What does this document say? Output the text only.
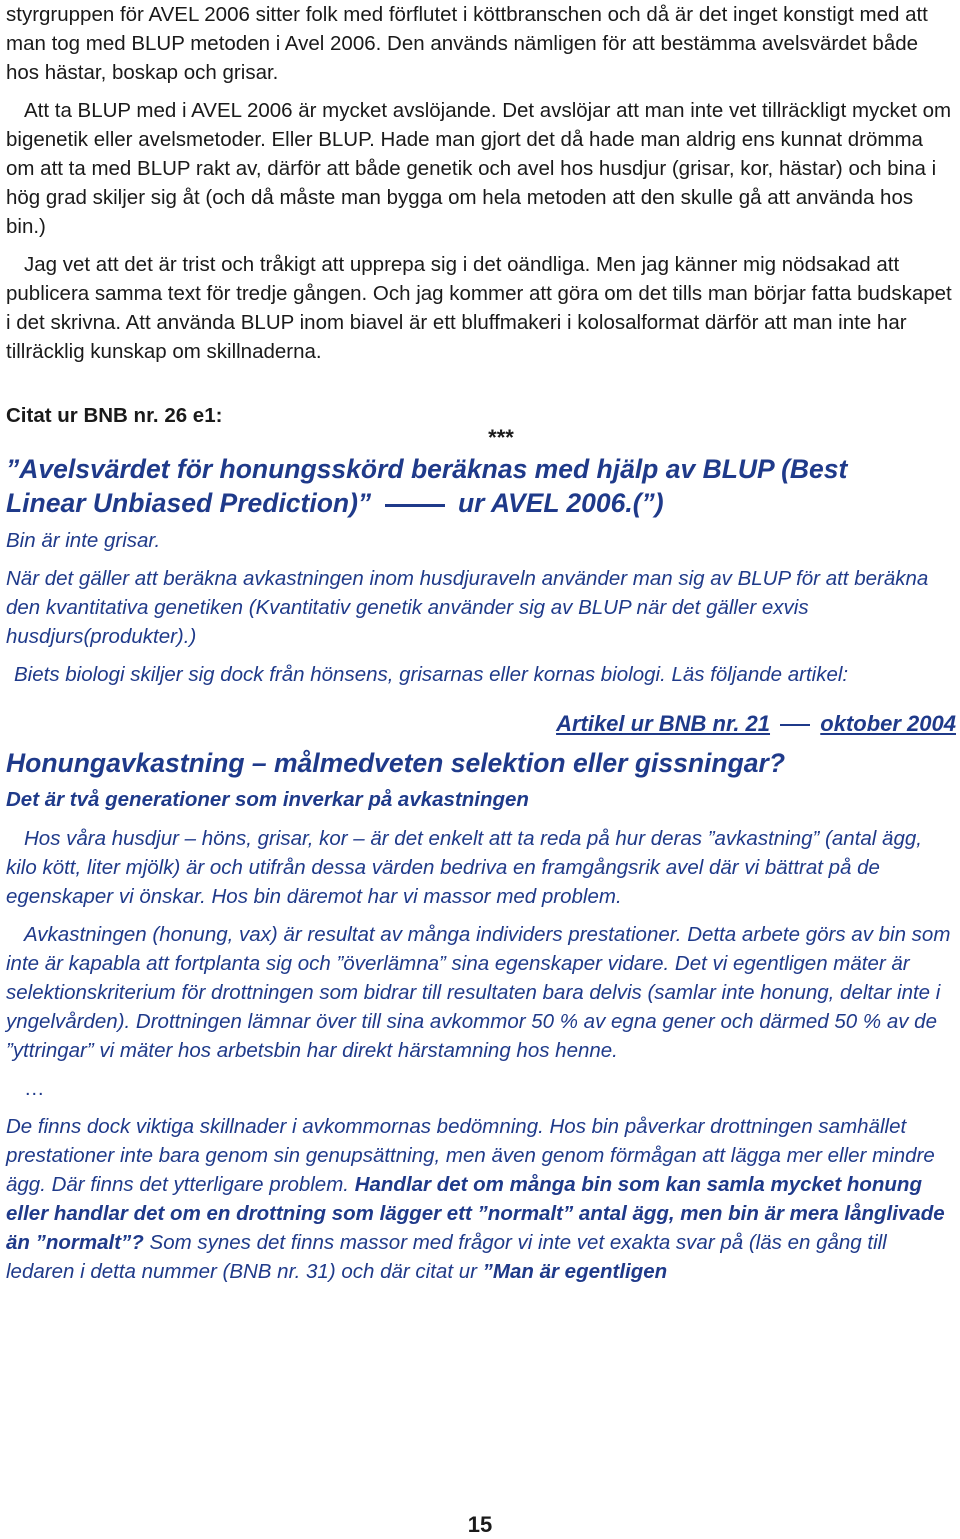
styrgruppen för AVEL 2006 sitter folk med förflutet i köttbranschen och då är det inget konstigt med att man tog med BLUP metoden i Avel 2006. Den används nämligen för att bestämma avelsvärdet både hos hästar, boskap och grisar.

Att ta BLUP med i AVEL 2006 är mycket avslöjande. Det avslöjar att man inte vet tillräckligt mycket om bigenetik eller avelsmetoder. Eller BLUP. Hade man gjort det då hade man aldrig ens kunnat drömma om att ta med BLUP rakt av, därför att både genetik och avel hos husdjur (grisar, kor, hästar) och bina i hög grad skiljer sig åt (och då måste man bygga om hela metoden att den skulle gå att använda hos bin.)

Jag vet att det är trist och tråkigt att upprepa sig i det oändliga. Men jag känner mig nödsakad att publicera samma text för tredje gången. Och jag kommer att göra om det tills man börjar fatta budskapet i det skrivna. Att använda BLUP inom biavel är ett bluffmakeri i kolosalformat därför att man inte har tillräcklig kunskap om skillnaderna.

Citat ur BNB nr. 26 e1:

***

”Avelsvärdet för honungsskörd beräknas med hjälp av BLUP (Best

Linear Unbiased Prediction)”	ur AVEL 2006.(”)

Bin är inte grisar.

När det gäller att beräkna avkastningen inom husdjuraveln använder man sig av BLUP för att beräkna den kvantitativa genetiken (Kvantitativ genetik använder sig av BLUP när det gäller exvis husdjurs(produkter).)

Biets biologi skiljer sig dock från hönsens, grisarnas eller kornas biologi. Läs följande artikel:

Artikel ur BNB nr. 21 oktober 2004

Honungavkastning – målmedveten selektion eller gissningar?

Det är två generationer som inverkar på avkastningen

Hos våra husdjur – höns, grisar, kor – är det enkelt att ta reda på hur deras ”avkastning” (antal ägg, kilo kött, liter mjölk) är och utifrån dessa värden bedriva en framgångsrik avel där vi bättrat på de egenskaper vi önskar. Hos bin däremot har vi massor med problem.

Avkastningen (honung, vax) är resultat av många individers prestationer. Detta arbete görs av bin som inte är kapabla att fortplanta sig och ”överlämna” sina egenskaper vidare. Det vi egentligen mäter är selektionskriterium för drottningen som bidrar till resultaten bara delvis (samlar inte honung, deltar inte i yngelvården). Drottningen lämnar över till sina avkommor 50 % av egna gener och därmed 50 % av de ”yttringar” vi mäter hos arbetsbin har direkt härstamning hos henne.

…

De finns dock viktiga skillnader i avkommornas bedömning. Hos bin påverkar drottningen samhället prestationer inte bara genom sin genupsättning, men även genom förmågan att lägga mer eller mindre ägg. Där finns det ytterligare problem. Handlar det om många bin som kan samla mycket honung eller handlar det om en drottning som lägger ett ”normalt” antal ägg, men bin är mera långlivade än ”normalt”? Som synes det finns massor med frågor vi inte vet exakta svar på (läs en gång till ledaren i detta nummer (BNB nr. 31) och där citat ur ”Man är egentligen

15
